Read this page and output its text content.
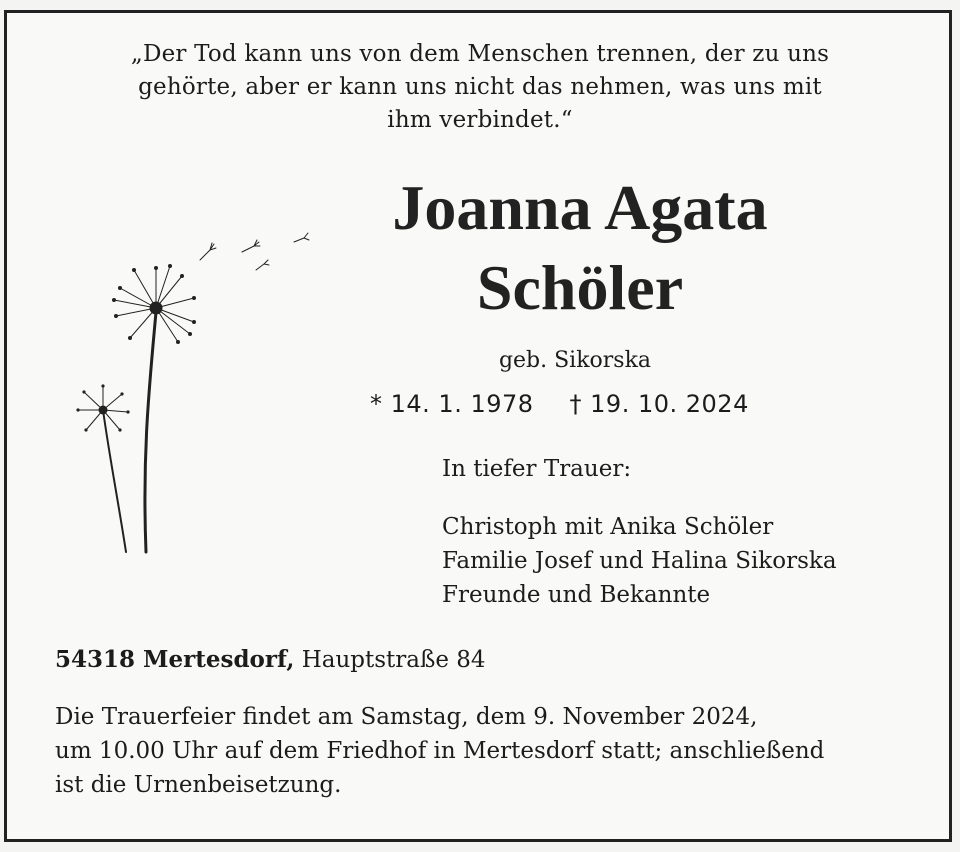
„Der Tod kann uns von dem Menschen trennen, der zu uns
gehörte, aber er kann uns nicht das nehmen, was uns mit
ihm verbindet.“
Joanna Agata
Schöler
geb. Sikorska
* 14. 1. 1978 † 19. 10. 2024
In tiefer Trauer:
Christoph mit Anika Schöler
Familie Josef und Halina Sikorska
Freunde und Bekannte
54318 Mertesdorf, Hauptstraße 84
Die Trauerfeier findet am Samstag, dem 9. November 2024,
um 10.00 Uhr auf dem Friedhof in Mertesdorf statt; anschließend
ist die Urnenbeisetzung.
